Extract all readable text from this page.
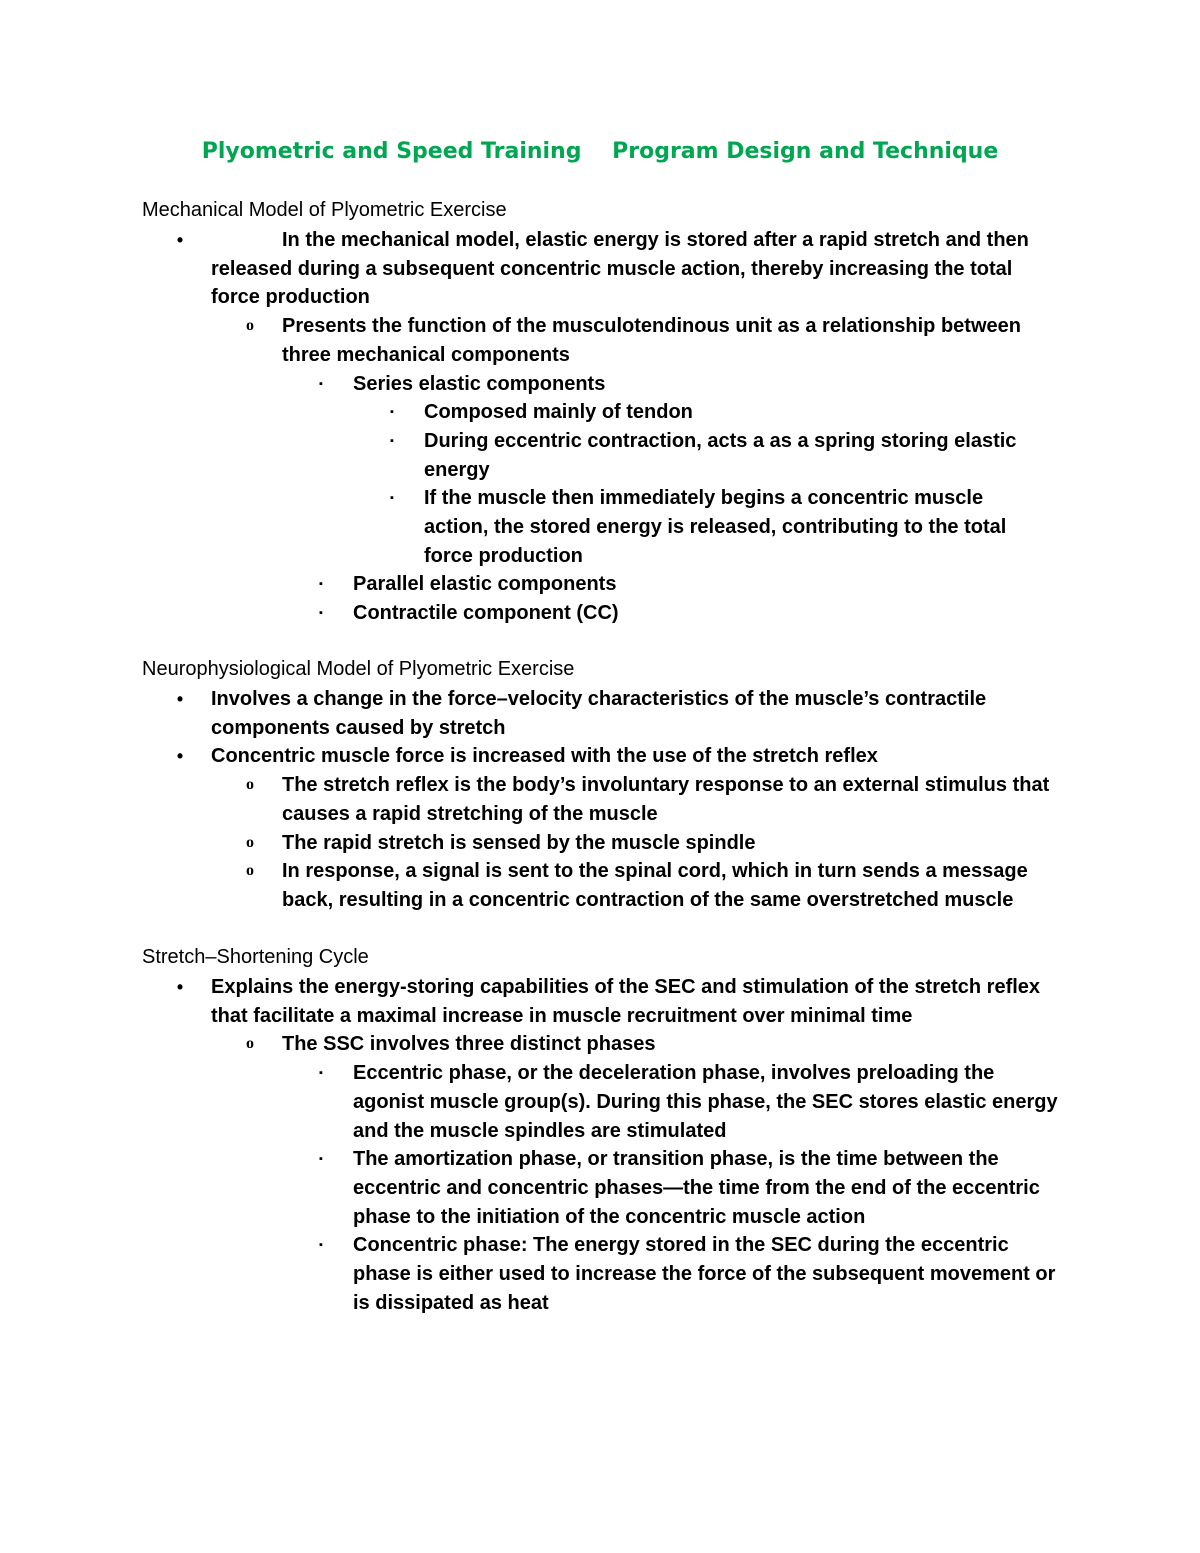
Plyometric and Speed Training    Program Design and Technique
Mechanical Model of Plyometric Exercise
•	In the mechanical model, elastic energy is stored after a rapid stretch and then released during a subsequent concentric muscle action, thereby increasing the total force production
o	Presents the function of the musculotendinous unit as a relationship between three mechanical components
▪	Series elastic components
▪	Composed mainly of tendon
▪	During eccentric contraction, acts a as a spring storing elastic energy
▪	If the muscle then immediately begins a concentric muscle action, the stored energy is released, contributing to the total force production
▪	Parallel elastic components
▪	Contractile component (CC)
Neurophysiological Model of Plyometric Exercise
•	Involves a change in the force–velocity characteristics of the muscle’s contractile components caused by stretch
•	Concentric muscle force is increased with the use of the stretch reflex
o	The stretch reflex is the body’s involuntary response to an external stimulus that causes a rapid stretching of the muscle
o	The rapid stretch is sensed by the muscle spindle
o	In response, a signal is sent to the spinal cord, which in turn sends a message back, resulting in a concentric contraction of the same overstretched muscle
Stretch–Shortening Cycle
•	Explains the energy-storing capabilities of the SEC and stimulation of the stretch reflex that facilitate a maximal increase in muscle recruitment over minimal time
o	The SSC involves three distinct phases
▪	Eccentric phase, or the deceleration phase, involves preloading the agonist muscle group(s). During this phase, the SEC stores elastic energy and the muscle spindles are stimulated
▪	The amortization phase, or transition phase, is the time between the eccentric and concentric phases—the time from the end of the eccentric phase to the initiation of the concentric muscle action
▪	Concentric phase: The energy stored in the SEC during the eccentric phase is either used to increase the force of the subsequent movement or is dissipated as heat
